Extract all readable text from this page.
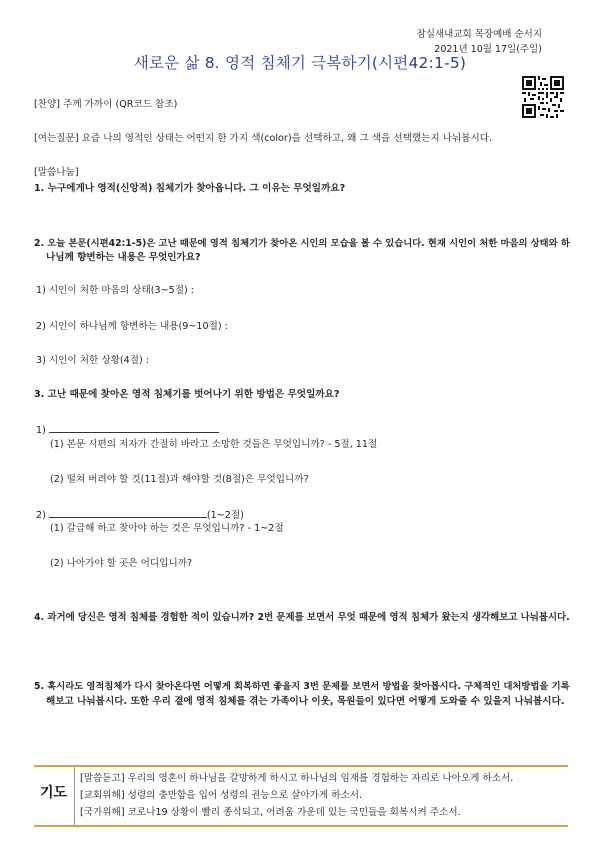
잠실새내교회 목장예배 순서지
2021년 10월 17일(주일)
새로운 삶 8. 영적 침체기 극복하기(시편42:1-5)
[찬양] 주께 가까이 (QR코드 참조)
[여는질문] 요즘 나의 영적인 상태는 어떤지 한 가지 색(color)을 선택하고, 왜 그 색을 선택했는지 나눠봅시다.
[말씀나눔]
1. 누구에게나 영적(신앙적) 침체기가 찾아옵니다. 그 이유는 무엇일까요?
2. 오늘 본문(시편42:1-5)은 고난 때문에 영적 침체기가 찾아온 시인의 모습을 볼 수 있습니다. 현재 시인이 처한 마음의 상태와 하
나님께 향변하는 내용은 무엇인가요?
1) 시인이 처한 마음의 상태(3~5절) :
2) 시인이 하나님께 항변하는 내용(9~10절) :
3) 시인이 처한 상황(4절) :
3. 고난 때문에 찾아온 영적 침체기를 벗어나기 위한 방법은 무엇일까요?
1)
(1) 본문 시편의 저자가 간절히 바라고 소망한 것들은 무엇입니까? - 5절, 11절
(2) 떨쳐 버려야 할 것(11절)과 해야할 것(8절)은 무엇입니까?
2)	(1~2절)
(1) 갈급해 하고 찾아야 하는 것은 무엇입니까? - 1~2절
(2) 나아가야 할 곳은 어디입니까?
4. 과거에 당신은 영적 침체를 경험한 적이 있습니까? 2번 문제를 보면서 무엇 때문에 영적 침체가 왔는지 생각해보고 나눠봅시다.
5. 혹시라도 영적침체가 다시 찾아온다면 어떻게 회복하면 좋을지 3번 문제를 보면서 방법을 찾아봅시다. 구체적인 대처방법을 기록
해보고 나눠봅시다. 또한 우리 곁에 영적 침체를 겪는 가족이나 이웃, 목원들이 있다면 어떻게 도와줄 수 있을지 나눠봅시다.
기도
[말씀듣고] 우리의 영혼이 하나님을 갈망하게 하시고 하나님의 임재를 경험하는 자리로 나아오게 하소서.
[교회위해] 성령의 충만함을 입어 성령의 권능으로 살아가게 하소서.
[국가위해] 코로나19 상황이 빨리 종식되고, 어려움 가운데 있는 국민들을 회복시켜 주소서.
